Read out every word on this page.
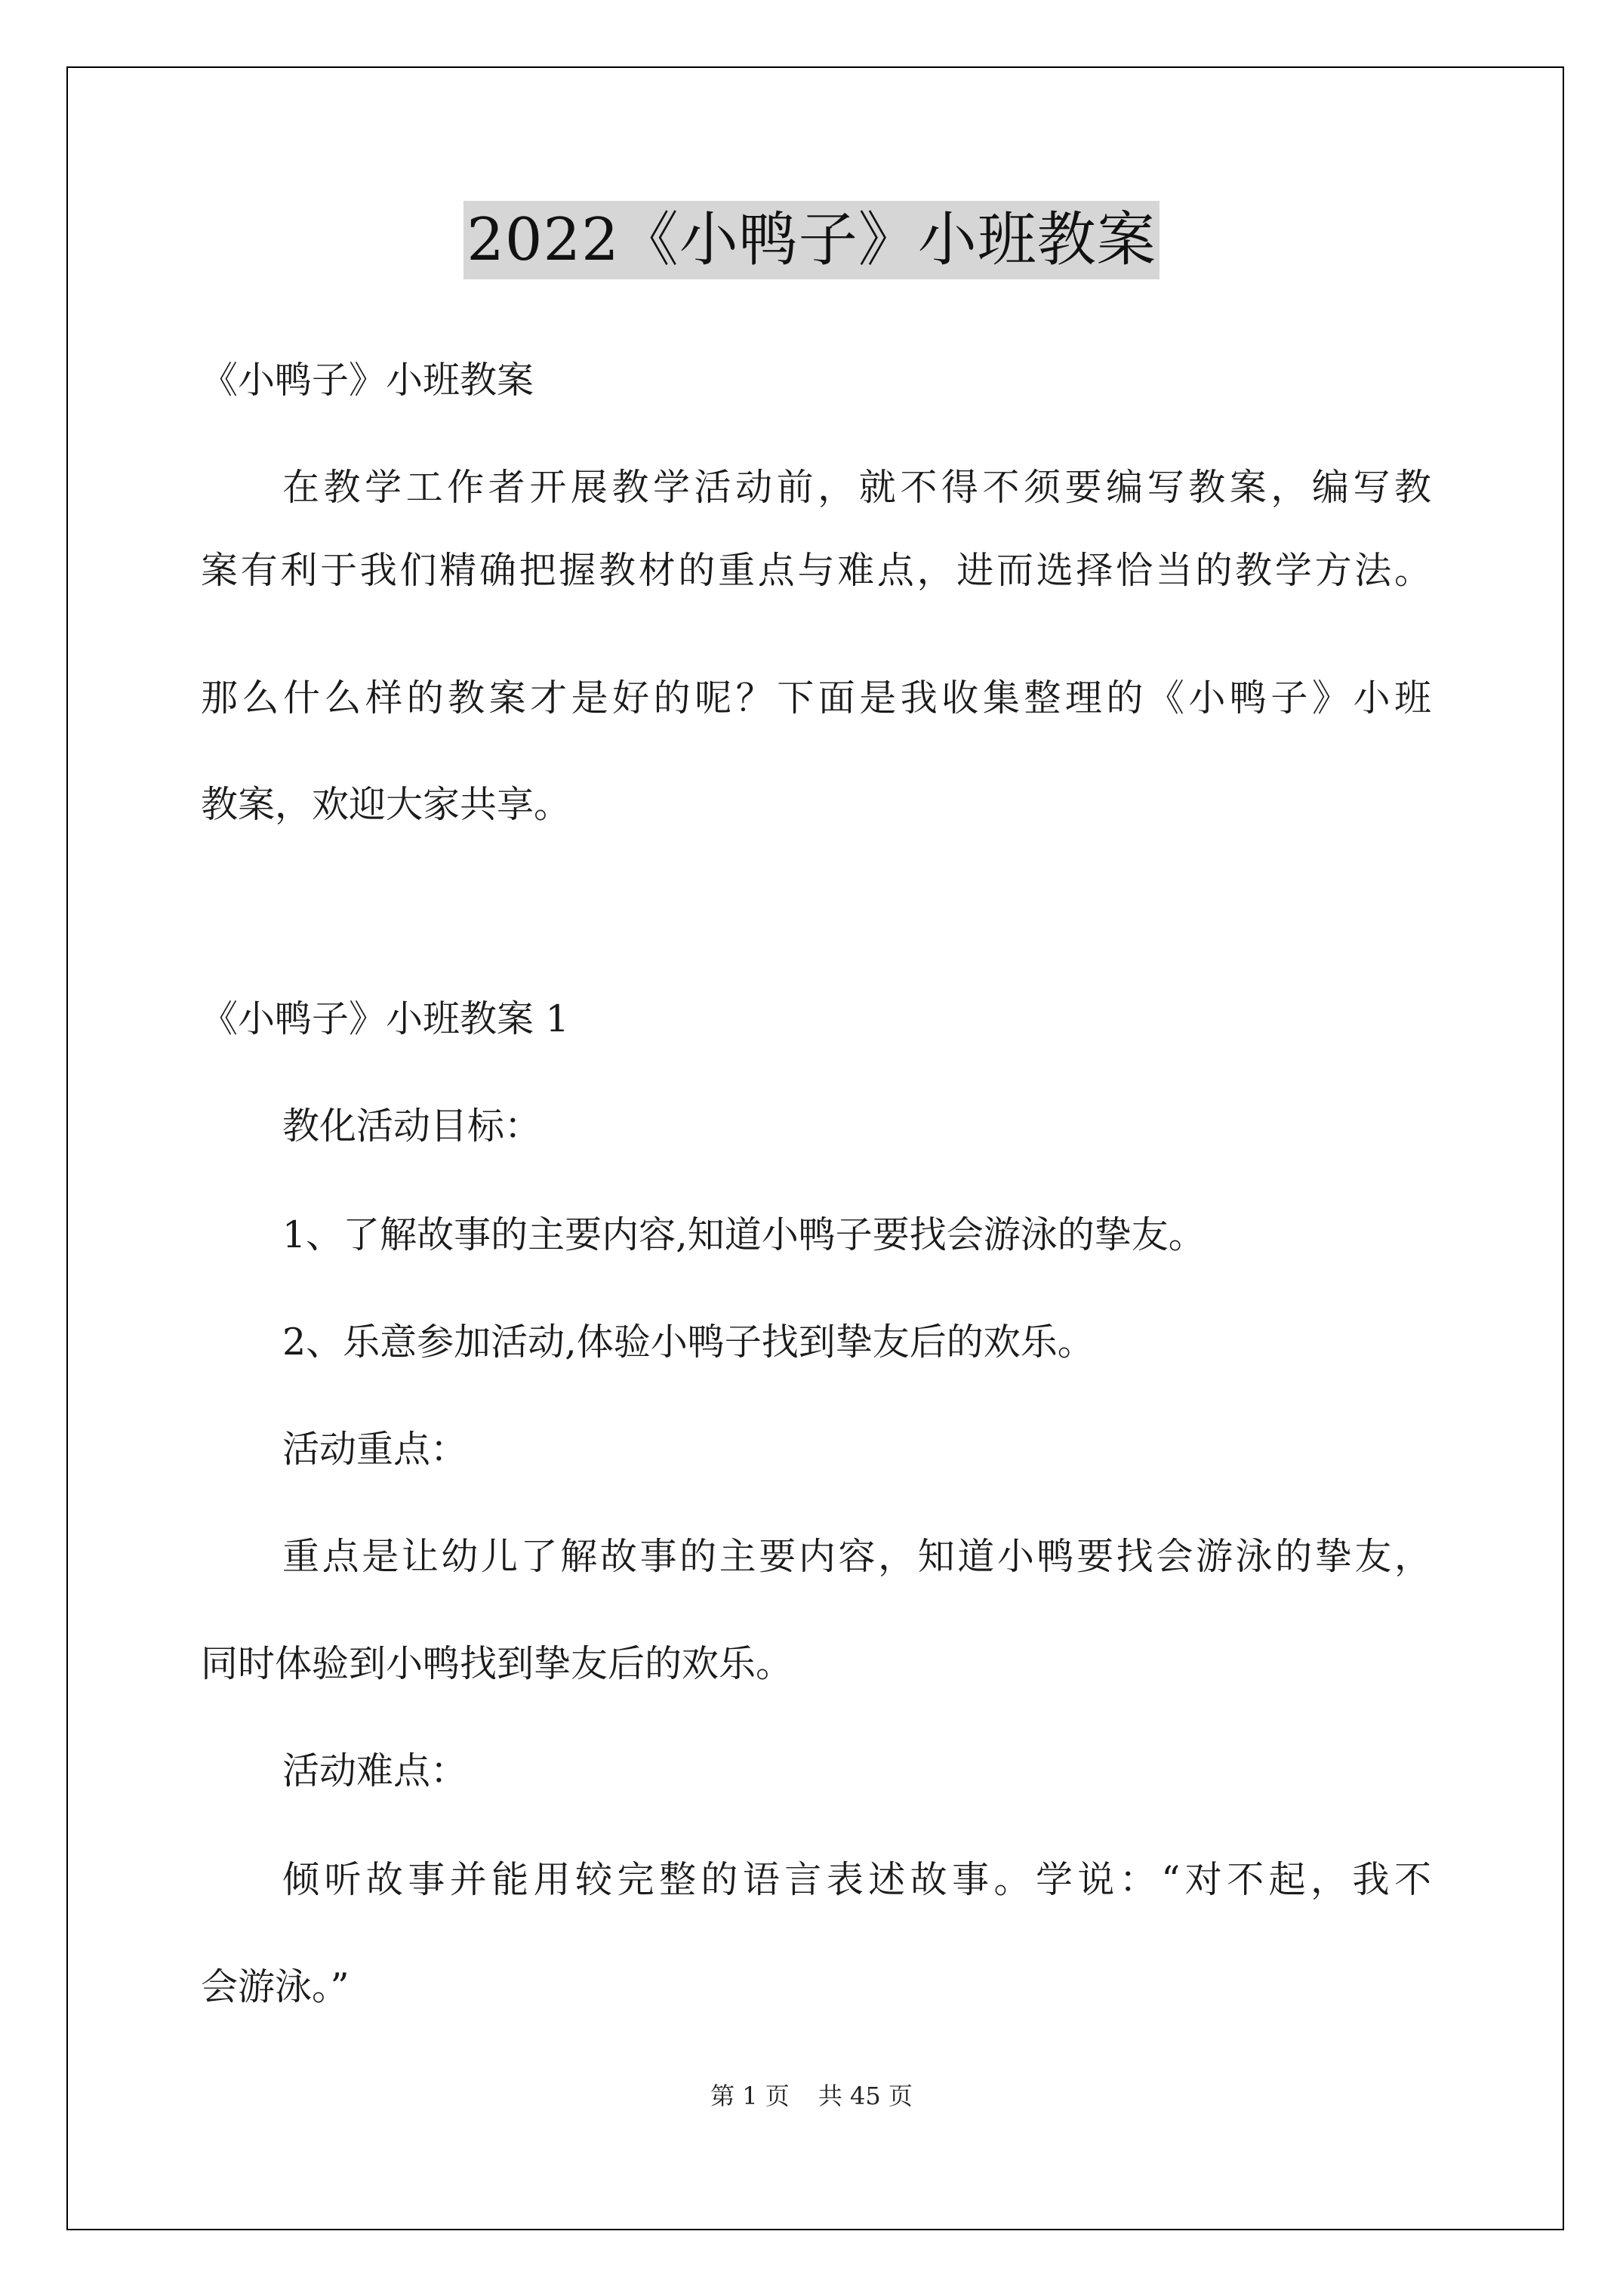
2022《小鸭子》小班教案
《小鸭子》小班教案
在教学工作者开展教学活动前，就不得不须要编写教案，编写教
案有利于我们精确把握教材的重点与难点，进而选择恰当的教学方法。
那么什么样的教案才是好的呢？下面是我收集整理的《小鸭子》小班
教案，欢迎大家共享。
《小鸭子》小班教案 1
教化活动目标：
1、了解故事的主要内容,知道小鸭子要找会游泳的挚友。
2、乐意参加活动,体验小鸭子找到挚友后的欢乐。
活动重点：
重点是让幼儿了解故事的主要内容，知道小鸭要找会游泳的挚友，
同时体验到小鸭找到挚友后的欢乐。
活动难点：
倾听故事并能用较完整的语言表述故事。学说：“对不起，我不
会游泳。”
第 1 页 共 45 页
